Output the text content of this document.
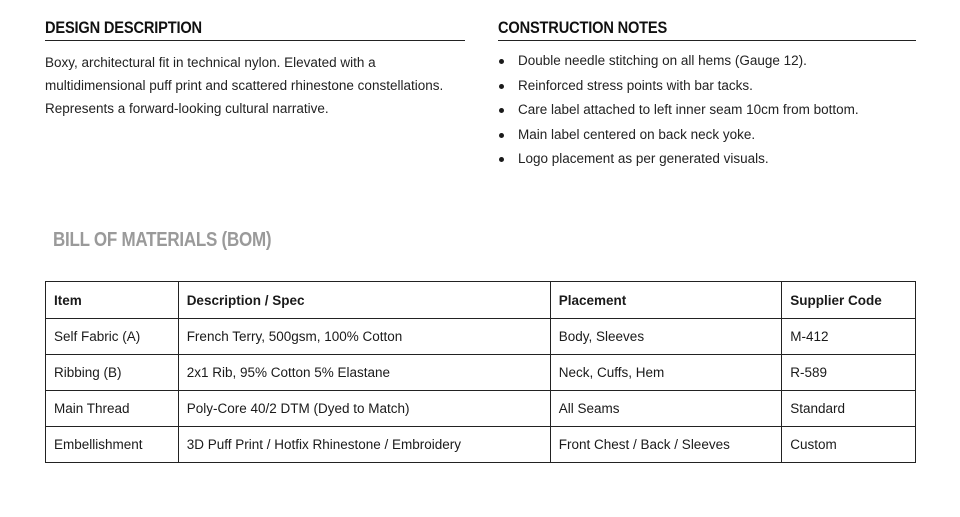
DESIGN DESCRIPTION
Boxy, architectural fit in technical nylon. Elevated with a multidimensional puff print and scattered rhinestone constellations. Represents a forward-looking cultural narrative.
CONSTRUCTION NOTES
Double needle stitching on all hems (Gauge 12).
Reinforced stress points with bar tacks.
Care label attached to left inner seam 10cm from bottom.
Main label centered on back neck yoke.
Logo placement as per generated visuals.
BILL OF MATERIALS (BOM)
Item	Description / Spec	Placement	Supplier Code
Self Fabric (A)	French Terry, 500gsm, 100% Cotton	Body, Sleeves	M-412
Ribbing (B)	2x1 Rib, 95% Cotton 5% Elastane	Neck, Cuffs, Hem	R-589
Main Thread	Poly-Core 40/2 DTM (Dyed to Match)	All Seams	Standard
Embellishment	3D Puff Print / Hotfix Rhinestone / Embroidery	Front Chest / Back / Sleeves	Custom
